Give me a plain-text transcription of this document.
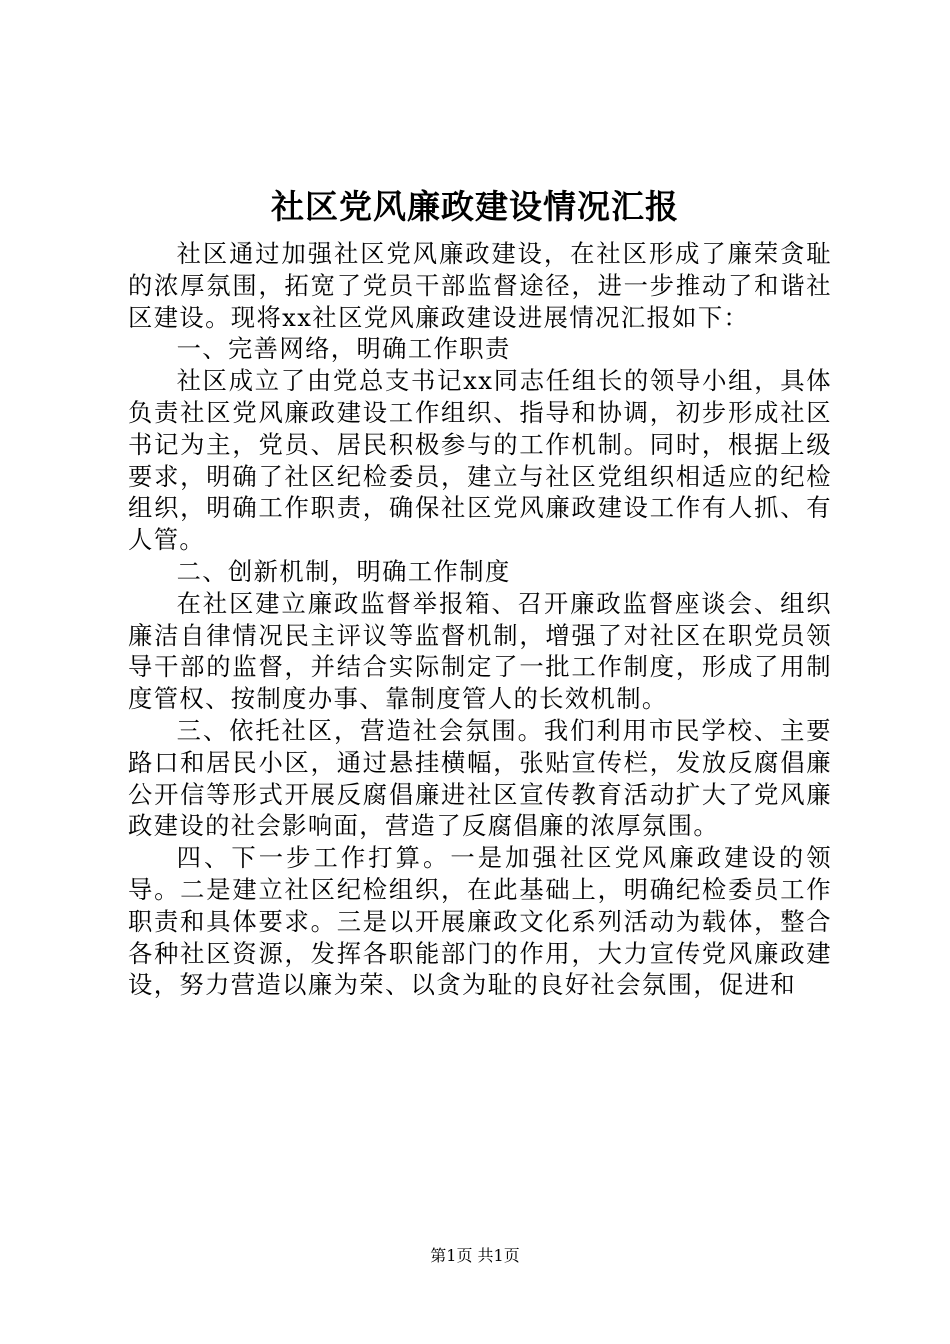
社区党风廉政建设情况汇报

社区通过加强社区党风廉政建设，在社区形成了廉荣贪耻的浓厚氛围，拓宽了党员干部监督途径，进一步推动了和谐社区建设。现将xx社区党风廉政建设进展情况汇报如下：

一、完善网络，明确工作职责

社区成立了由党总支书记xx同志任组长的领导小组，具体负责社区党风廉政建设工作组织、指导和协调，初步形成社区书记为主，党员、居民积极参与的工作机制。同时，根据上级要求，明确了社区纪检委员，建立与社区党组织相适应的纪检组织，明确工作职责，确保社区党风廉政建设工作有人抓、有人管。

二、创新机制，明确工作制度

在社区建立廉政监督举报箱、召开廉政监督座谈会、组织廉洁自律情况民主评议等监督机制，增强了对社区在职党员领导干部的监督，并结合实际制定了一批工作制度，形成了用制度管权、按制度办事、靠制度管人的长效机制。

三、依托社区，营造社会氛围。我们利用市民学校、主要路口和居民小区，通过悬挂横幅，张贴宣传栏，发放反腐倡廉公开信等形式开展反腐倡廉进社区宣传教育活动扩大了党风廉政建设的社会影响面，营造了反腐倡廉的浓厚氛围。

四、下一步工作打算。一是加强社区党风廉政建设的领导。二是建立社区纪检组织，在此基础上，明确纪检委员工作职责和具体要求。三是以开展廉政文化系列活动为载体，整合各种社区资源，发挥各职能部门的作用，大力宣传党风廉政建设，努力营造以廉为荣、以贪为耻的良好社会氛围，促进和

第1页 共1页
